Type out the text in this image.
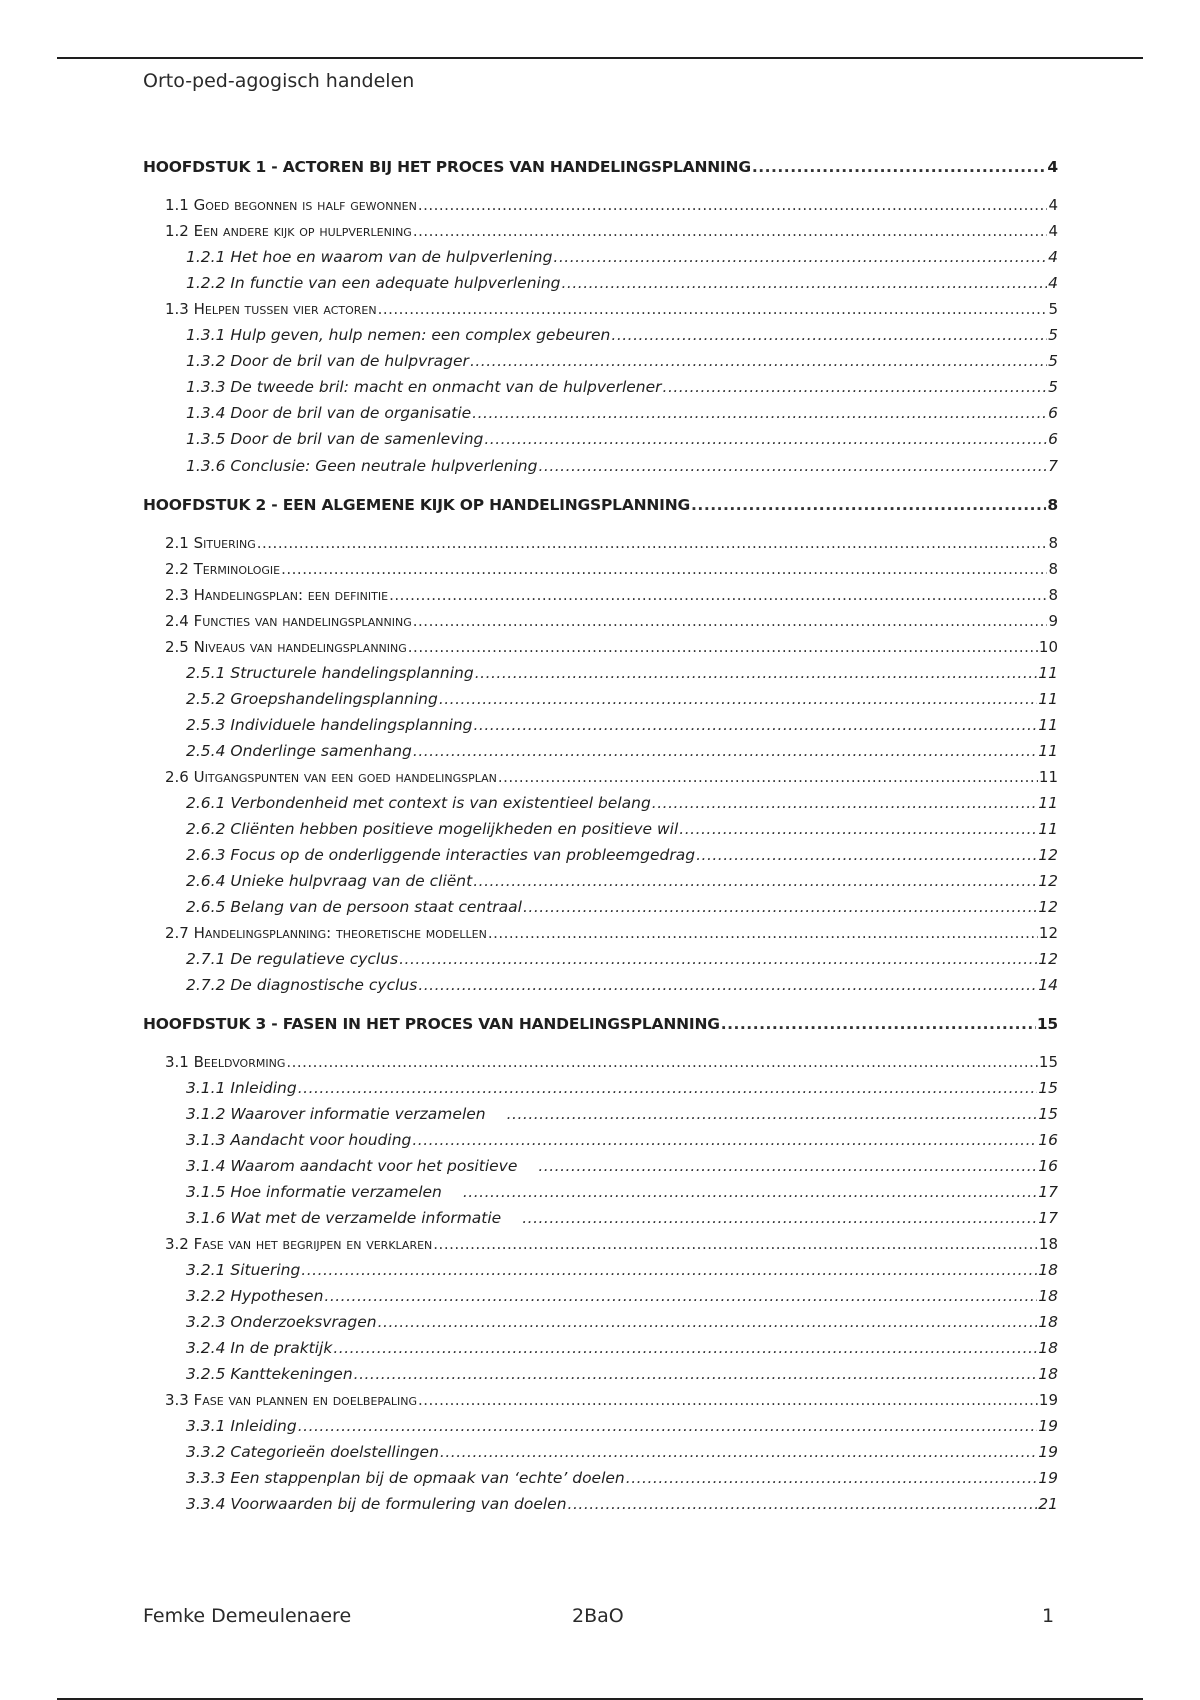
Orto-ped-agogisch handelen
HOOFDSTUK 1 - ACTOREN BIJ HET PROCES VAN HANDELINGSPLANNING .....	4
1.1 Goed begonnen is half gewonnen .....	4
1.2 Een andere kijk op hulpverlening .....	4
1.2.1 Het hoe en waarom van de hulpverlening .....	4
1.2.2 In functie van een adequate hulpverlening .....	4
1.3 Helpen tussen vier actoren .....	5
1.3.1 Hulp geven, hulp nemen: een complex gebeuren .....	5
1.3.2 Door de bril van de hulpvrager .....	5
1.3.3 De tweede bril: macht en onmacht van de hulpverlener .....	5
1.3.4 Door de bril van de organisatie .....	6
1.3.5 Door de bril van de samenleving .....	6
1.3.6 Conclusie: Geen neutrale hulpverlening .....	7
HOOFDSTUK 2 - EEN ALGEMENE KIJK OP HANDELINGSPLANNING .....	8
2.1 Situering .....	8
2.2 Terminologie .....	8
2.3 Handelingsplan: een definitie .....	8
2.4 Functies van handelingsplanning .....	9
2.5 Niveaus van handelingsplanning .....	10
2.5.1 Structurele handelingsplanning .....	11
2.5.2 Groepshandelingsplanning .....	11
2.5.3 Individuele handelingsplanning .....	11
2.5.4 Onderlinge samenhang .....	11
2.6 Uitgangspunten van een goed handelingsplan .....	11
2.6.1 Verbondenheid met context is van existentieel belang .....	11
2.6.2 Cliënten hebben positieve mogelijkheden en positieve wil .....	11
2.6.3 Focus op de onderliggende interacties van probleemgedrag .....	12
2.6.4 Unieke hulpvraag van de cliënt .....	12
2.6.5 Belang van de persoon staat centraal .....	12
2.7 Handelingsplanning: theoretische modellen .....	12
2.7.1 De regulatieve cyclus .....	12
2.7.2 De diagnostische cyclus .....	14
HOOFDSTUK 3 - FASEN IN HET PROCES VAN HANDELINGSPLANNING .....	15
3.1 Beeldvorming .....	15
3.1.1 Inleiding .....	15
3.1.2 Waarover informatie verzamelen .....	15
3.1.3 Aandacht voor houding .....	16
3.1.4 Waarom aandacht voor het positieve .....	16
3.1.5 Hoe informatie verzamelen .....	17
3.1.6 Wat met de verzamelde informatie .....	17
3.2 Fase van het begrijpen en verklaren .....	18
3.2.1 Situering .....	18
3.2.2 Hypothesen .....	18
3.2.3 Onderzoeksvragen .....	18
3.2.4 In de praktijk .....	18
3.2.5 Kanttekeningen .....	18
3.3 Fase van plannen en doelbepaling .....	19
3.3.1 Inleiding .....	19
3.3.2 Categorieën doelstellingen .....	19
3.3.3 Een stappenplan bij de opmaak van ‘echte’ doelen .....	19
3.3.4 Voorwaarden bij de formulering van doelen .....	21
Femke Demeulenaere	2BaO	1
